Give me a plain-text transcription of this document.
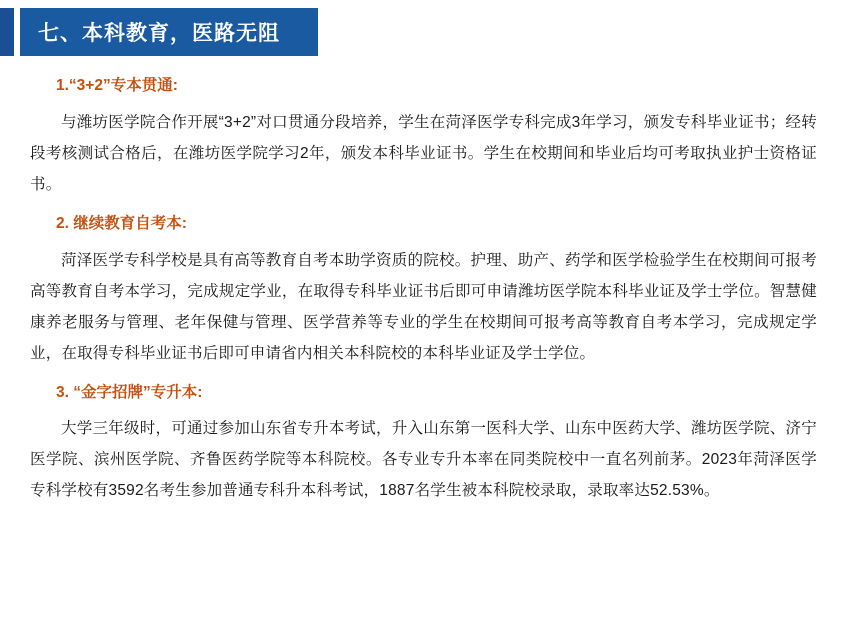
七、本科教育，医路无阻
1.“3+2”专本贯通:

与潍坊医学院合作开展“3+2”对口贯通分段培养，学生在菏泽医学专科完成3年学习，颁发专科毕业证书；经转段考核测试合格后，在潍坊医学院学习2年，颁发本科毕业证书。学生在校期间和毕业后均可考取执业护士资格证书。

2. 继续教育自考本:

菏泽医学专科学校是具有高等教育自考本助学资质的院校。护理、助产、药学和医学检验学生在校期间可报考高等教育自考本学习，完成规定学业，在取得专科毕业证书后即可申请潍坊医学院本科毕业证及学士学位。智慧健康养老服务与管理、老年保健与管理、医学营养等专业的学生在校期间可报考高等教育自考本学习，完成规定学业，在取得专科毕业证书后即可申请省内相关本科院校的本科毕业证及学士学位。

3. “金字招牌”专升本:

大学三年级时，可通过参加山东省专升本考试，升入山东第一医科大学、山东中医药大学、潍坊医学院、济宁医学院、滨州医学院、齐鲁医药学院等本科院校。各专业专升本率在同类院校中一直名列前茅。2023年菏泽医学专科学校有3592名考生参加普通专科升本科考试，1887名学生被本科院校录取，录取率达52.53%。
